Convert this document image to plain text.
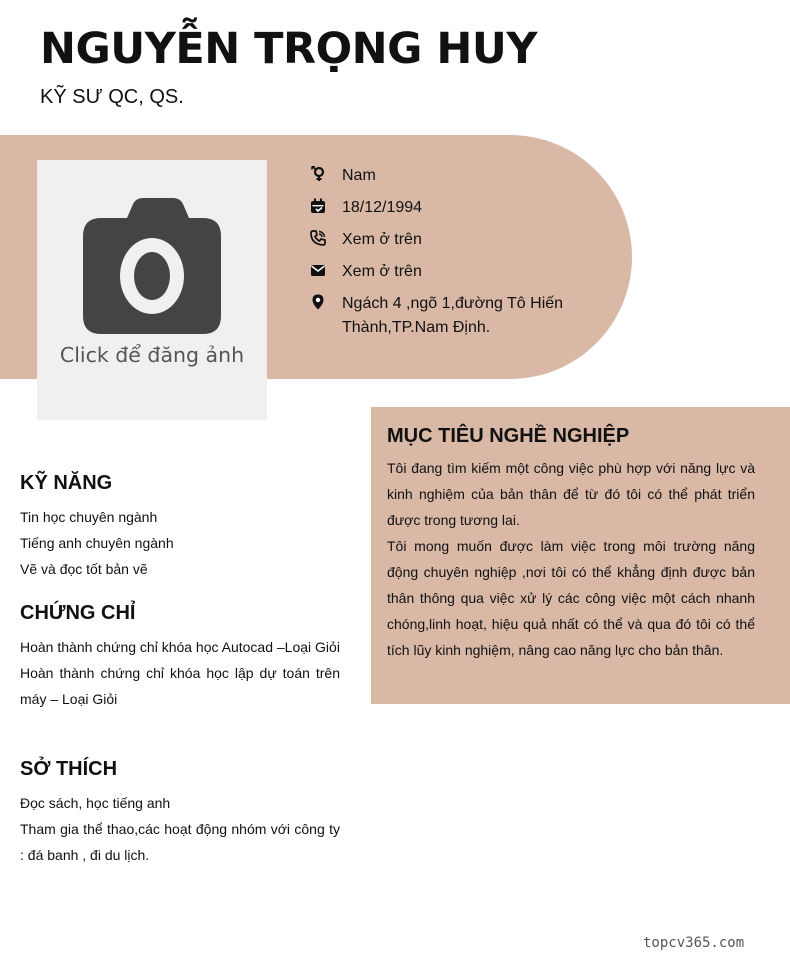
NGUYỄN TRỌNG HUY
KỸ SƯ QC, QS.
Click để đăng ảnh
Nam
18/12/1994
Xem ở trên
Xem ở trên
Ngách 4 ,ngõ 1,đường Tô Hiến Thành,TP.Nam Định.
MỤC TIÊU NGHỀ NGHIỆP

Tôi đang tìm kiếm một công việc phù hợp với năng lực và kinh nghiệm của bản thân để từ đó tôi có thể phát triển được trong tương lai.

Tôi mong muốn được làm việc trong môi trường năng động chuyên nghiệp ,nơi tôi có thể khẳng định được bản thân thông qua việc xử lý các công việc một cách nhanh chóng,linh hoạt, hiệu quả nhất có thể và qua đó tôi có thể tích lũy kinh nghiệm, nâng cao năng lực cho bản thân.

KỸ NĂNG
Tin học chuyên ngành
Tiếng anh chuyên ngành
Vẽ và đọc tốt bản vẽ
CHỨNG CHỈ
Hoàn thành chứng chỉ khóa học Autocad –Loại Giỏi
Hoàn thành chứng chỉ khóa học lập dự toán trên máy – Loại Giỏi
SỞ THÍCH
Đọc sách, học tiếng anh
Tham gia thể thao,các hoạt động nhóm với công ty : đá banh , đi du lịch.
topcv365.com
